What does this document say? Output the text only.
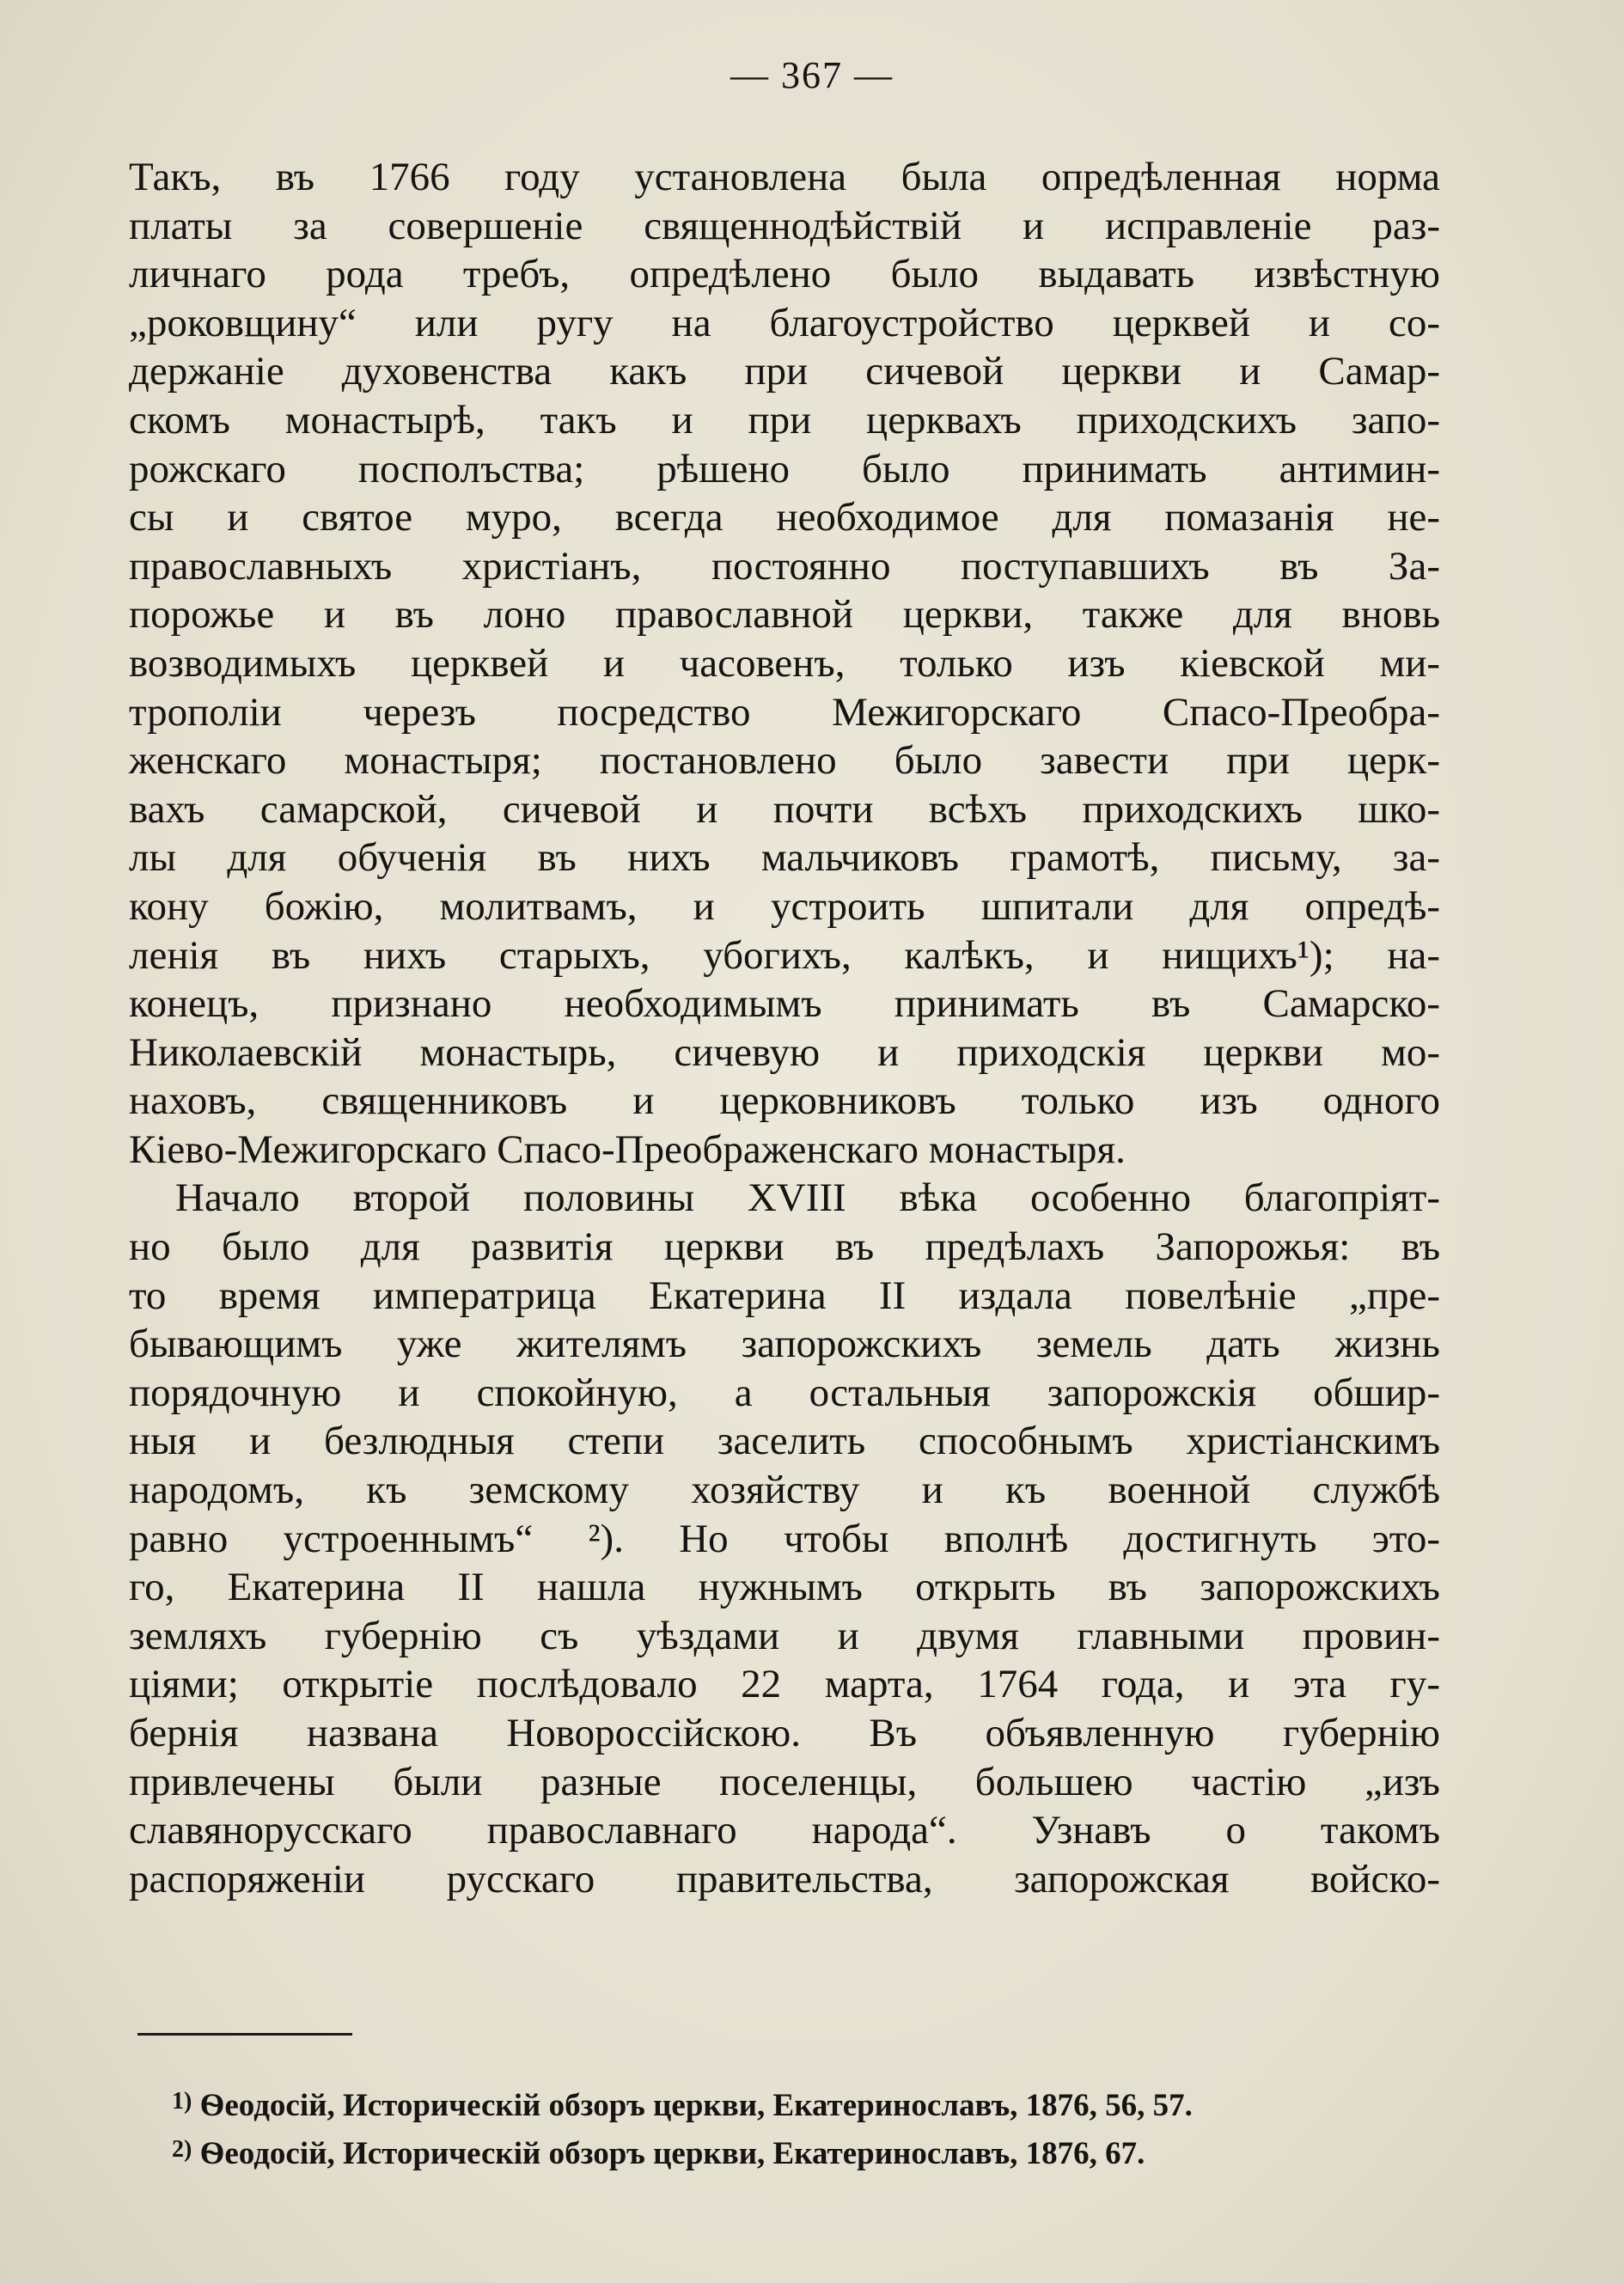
— 367 —
Такъ, въ 1766 году установлена была опредѣленная норма
платы за совершеніе священнодѣйствій и исправленіе раз-
личнаго рода требъ, опредѣлено было выдавать извѣстную
„роковщину“ или ругу на благоустройство церквей и со-
держаніе духовенства какъ при сичевой церкви и Самар-
скомъ монастырѣ, такъ и при церквахъ приходскихъ запо-
рожскаго посполъства; рѣшено было принимать антимин-
сы и святое муро, всегда необходимое для помазанія не-
православныхъ христіанъ, постоянно поступавшихъ въ За-
порожье и въ лоно православной церкви, также для вновь
возводимыхъ церквей и часовенъ, только изъ кіевской ми-
трополіи черезъ посредство Межигорскаго Спасо-Преобра-
женскаго монастыря; постановлено было завести при церк-
вахъ самарской, сичевой и почти всѣхъ приходскихъ шко-
лы для обученія въ нихъ мальчиковъ грамотѣ, письму, за-
кону божію, молитвамъ, и устроить шпитали для опредѣ-
ленія въ нихъ старыхъ, убогихъ, калѣкъ, и нищихъ¹); на-
конецъ, признано необходимымъ принимать въ Самарско-
Николаевскій монастырь, сичевую и приходскія церкви мо-
наховъ, священниковъ и церковниковъ только изъ одного
Кіево-Межигорскаго Спасо-Преображенскаго монастыря.
Начало второй половины XVIII вѣка особенно благопріят-
но было для развитія церкви въ предѣлахъ Запорожья: въ
то время императрица Екатерина II издала повелѣніе „пре-
бывающимъ уже жителямъ запорожскихъ земель дать жизнь
порядочную и спокойную, а остальныя запорожскія обшир-
ныя и безлюдныя степи заселить способнымъ христіанскимъ
народомъ, къ земскому хозяйству и къ военной службѣ
равно устроеннымъ“ ²). Но чтобы вполнѣ достигнуть это-
го, Екатерина II нашла нужнымъ открыть въ запорожскихъ
земляхъ губернію съ уѣздами и двумя главными провин-
ціями; открытіе послѣдовало 22 марта, 1764 года, и эта гу-
бернія названа Новороссійскою. Въ объявленную губернію
привлечены были разные поселенцы, большею частію „изъ
славянорусскаго православнаго народа“. Узнавъ о такомъ
распоряженіи русскаго правительства, запорожская войско-
$^{1)}$ Ѳеодосій, Историческій обзоръ церкви, Екатеринославъ, 1876, 56, 57.
$^{2)}$ Ѳеодосій, Историческій обзоръ церкви, Екатеринославъ, 1876, 67.
